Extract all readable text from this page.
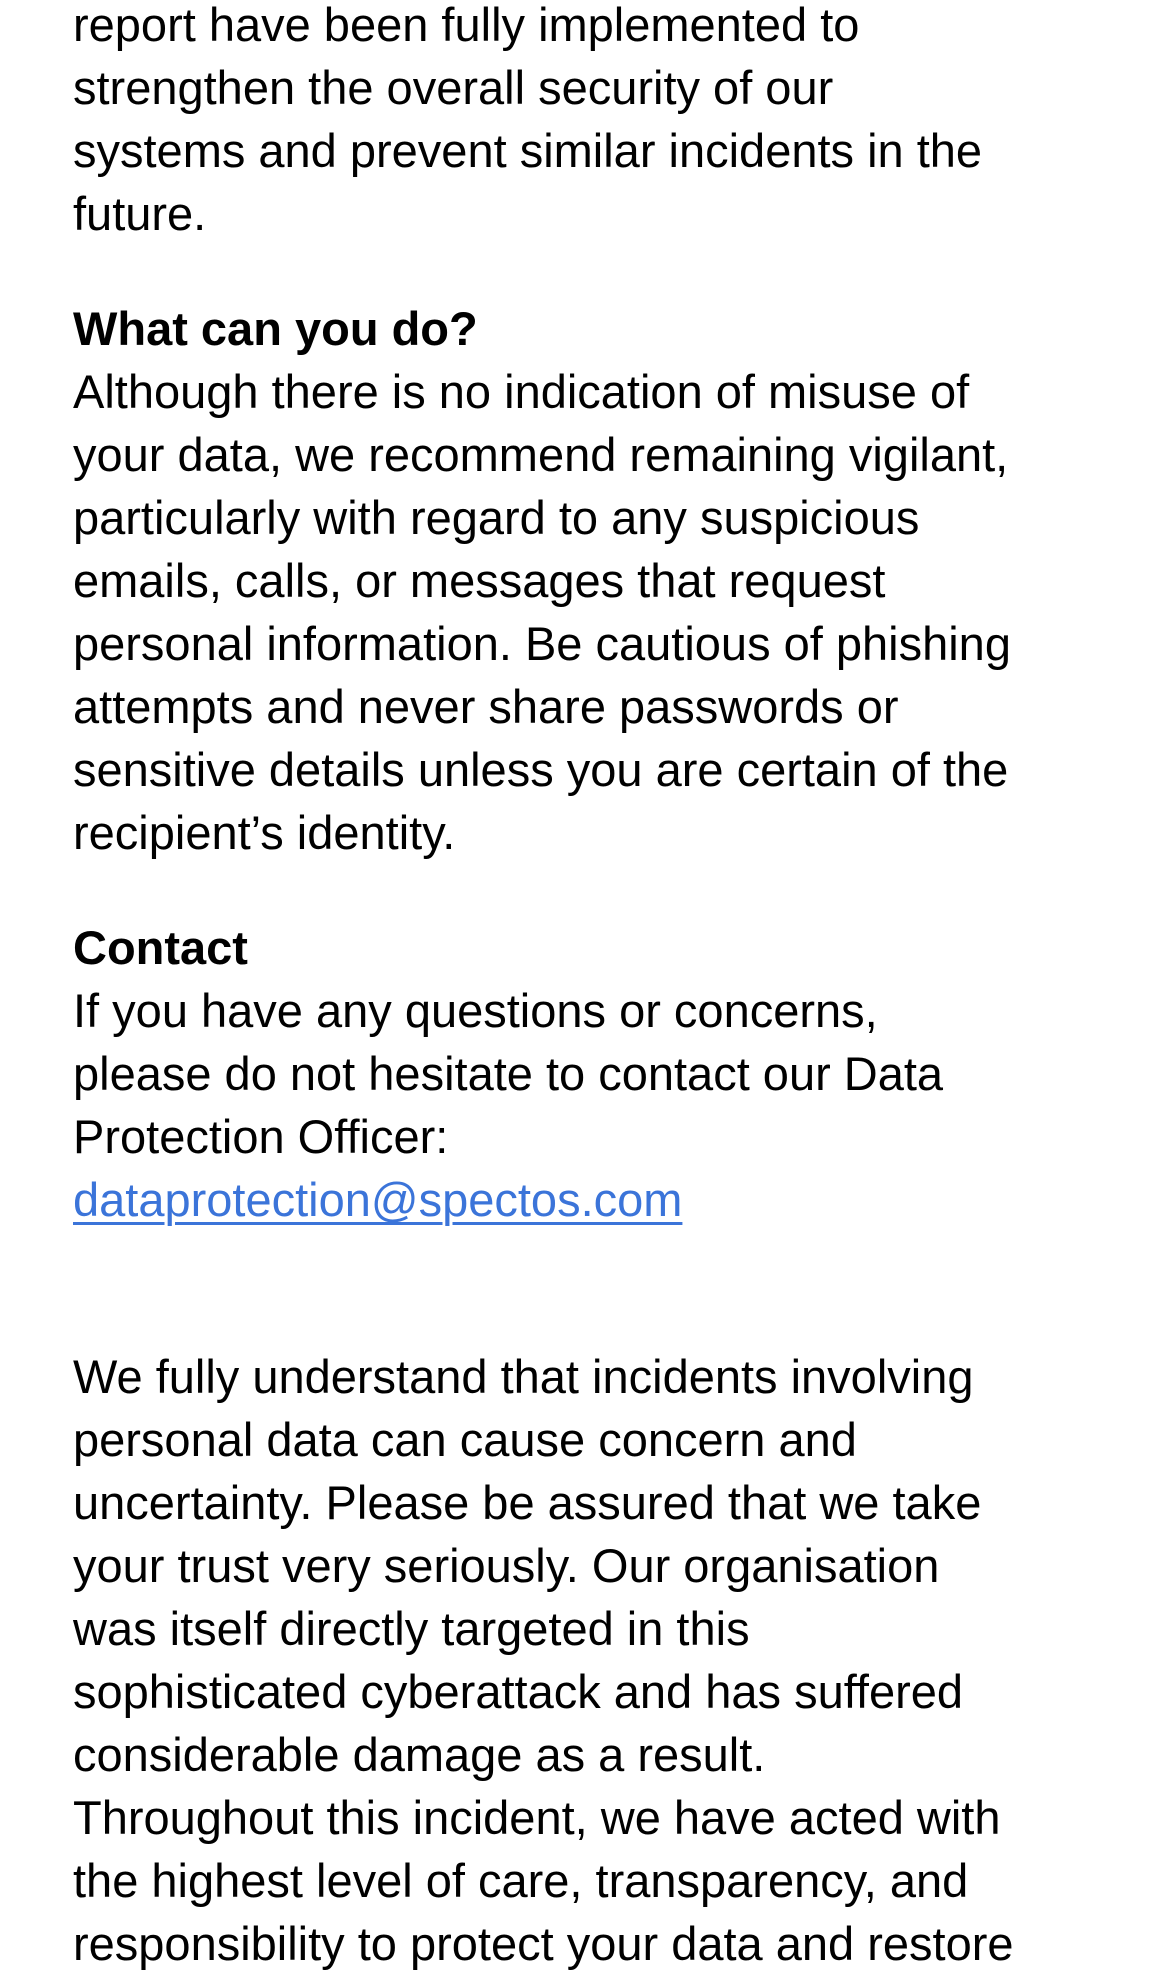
report have been fully implemented to
strengthen the overall security of our
systems and prevent similar incidents in the
future.
What can you do?
Although there is no indication of misuse of
your data, we recommend remaining vigilant,
particularly with regard to any suspicious
emails, calls, or messages that request
personal information. Be cautious of phishing
attempts and never share passwords or
sensitive details unless you are certain of the
recipient’s identity.
Contact
If you have any questions or concerns,
please do not hesitate to contact our Data
Protection Officer:
dataprotection@spectos.com
We fully understand that incidents involving
personal data can cause concern and
uncertainty. Please be assured that we take
your trust very seriously. Our organisation
was itself directly targeted in this
sophisticated cyberattack and has suffered
considerable damage as a result.
Throughout this incident, we have acted with
the highest level of care, transparency, and
responsibility to protect your data and restore
